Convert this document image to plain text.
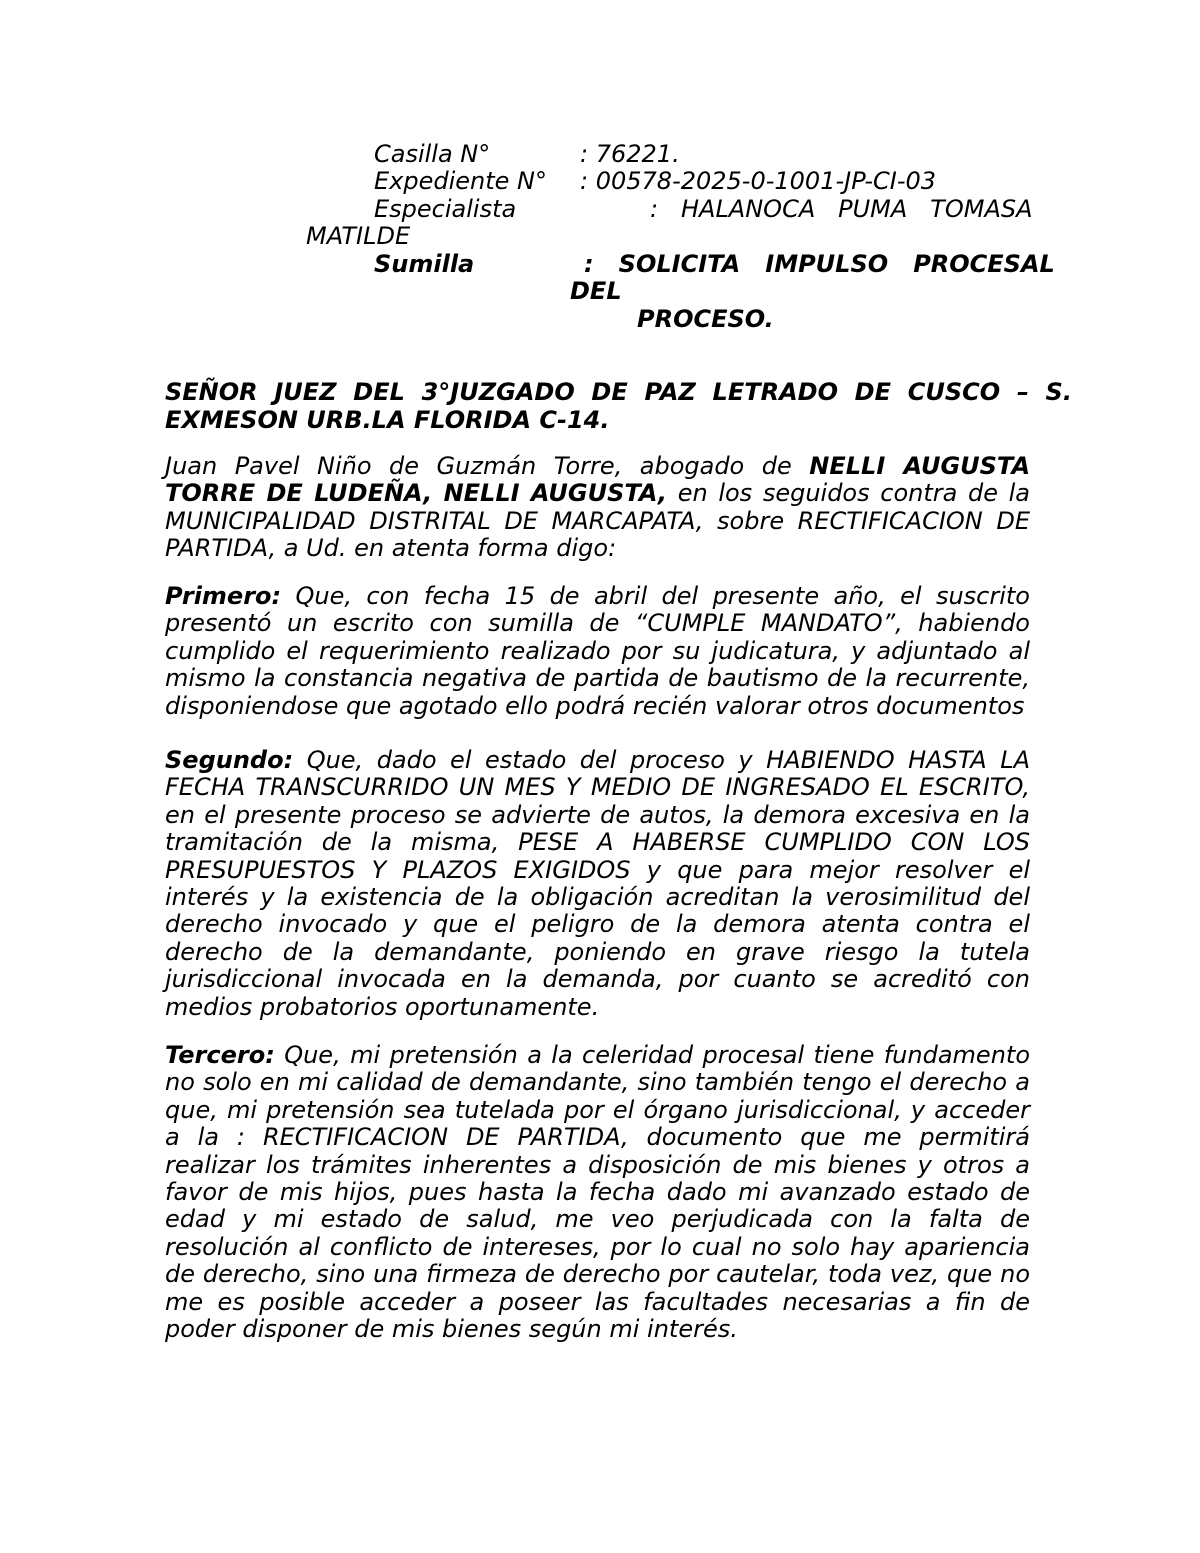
Casilla N°	: 76221.
Expediente N° : 00578-2025-0-1001-JP-CI-03
Especialista	:   HALANOCA   PUMA   TOMASA
MATILDE
Sumilla	:   SOLICITA   IMPULSO   PROCESAL
DEL
PROCESO.
SEÑOR  JUEZ  DEL  3°JUZGADO  DE  PAZ  LETRADO  DE  CUSCO  –  S.
EXMESON URB.LA FLORIDA C-14.
Juan Pavel Niño de Guzmán Torre, abogado de NELLI AUGUSTA TORRE DE LUDEÑA, NELLI AUGUSTA, en los seguidos contra de la MUNICIPALIDAD DISTRITAL DE MARCAPATA, sobre RECTIFICACION DE PARTIDA, a Ud. en atenta forma digo:
Primero: Que, con fecha 15 de abril del presente año, el suscrito presentó un escrito con sumilla de “CUMPLE MANDATO”, habiendo cumplido el requerimiento realizado por su judicatura, y adjuntado al mismo la constancia negativa de partida de bautismo de la recurrente, disponiendose que agotado ello podrá recién valorar otros documentos
Segundo: Que, dado el estado del proceso y HABIENDO HASTA LA FECHA TRANSCURRIDO UN MES Y MEDIO DE INGRESADO EL ESCRITO, en el presente proceso se advierte de autos, la demora excesiva en la tramitación de la misma, PESE A HABERSE CUMPLIDO CON LOS PRESUPUESTOS Y PLAZOS EXIGIDOS y que para mejor resolver el interés y la existencia de la obligación acreditan la verosimilitud del derecho invocado y que el peligro de la demora atenta contra el derecho de la demandante, poniendo en grave riesgo la tutela jurisdiccional invocada en la demanda, por cuanto se acreditó con medios probatorios oportunamente.
Tercero: Que, mi pretensión a la celeridad procesal tiene fundamento no solo en mi calidad de demandante, sino también tengo el derecho a que, mi pretensión sea tutelada por el órgano jurisdiccional, y acceder a la : RECTIFICACION DE PARTIDA, documento que me permitirá realizar los trámites inherentes a disposición de mis bienes y otros a favor de mis hijos, pues hasta la fecha dado mi avanzado estado de edad y mi estado de salud, me veo perjudicada con la falta de resolución al conflicto de intereses, por lo cual no solo hay apariencia de derecho, sino una firmeza de derecho por cautelar, toda vez, que no me es posible acceder a poseer las facultades necesarias a fin de poder disponer de mis bienes según mi interés.
